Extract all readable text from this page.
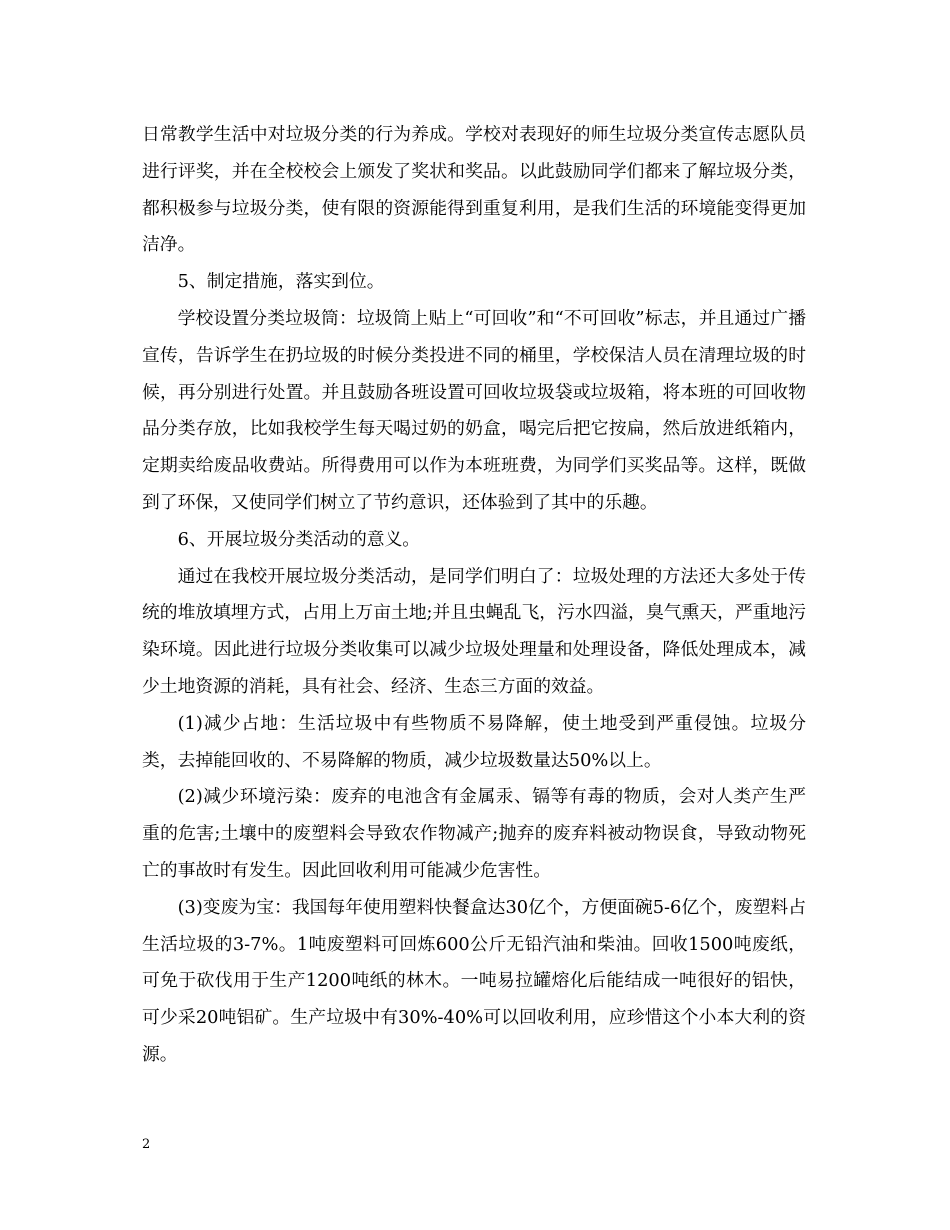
日常教学生活中对垃圾分类的行为养成。学校对表现好的师生垃圾分类宣传志愿队员进行评奖，并在全校校会上颁发了奖状和奖品。以此鼓励同学们都来了解垃圾分类，都积极参与垃圾分类，使有限的资源能得到重复利用，是我们生活的环境能变得更加洁净。

5、制定措施，落实到位。

学校设置分类垃圾筒：垃圾筒上贴上“可回收”和“不可回收”标志，并且通过广播宣传，告诉学生在扔垃圾的时候分类投进不同的桶里，学校保洁人员在清理垃圾的时候，再分别进行处置。并且鼓励各班设置可回收垃圾袋或垃圾箱，将本班的可回收物品分类存放，比如我校学生每天喝过奶的奶盒，喝完后把它按扁，然后放进纸箱内，定期卖给废品收费站。所得费用可以作为本班班费，为同学们买奖品等。这样，既做到了环保，又使同学们树立了节约意识，还体验到了其中的乐趣。

6、开展垃圾分类活动的意义。

通过在我校开展垃圾分类活动，是同学们明白了：垃圾处理的方法还大多处于传统的堆放填埋方式，占用上万亩土地;并且虫蝇乱飞，污水四溢，臭气熏天，严重地污染环境。因此进行垃圾分类收集可以减少垃圾处理量和处理设备，降低处理成本，减少土地资源的消耗，具有社会、经济、生态三方面的效益。

(1)减少占地：生活垃圾中有些物质不易降解，使土地受到严重侵蚀。垃圾分类，去掉能回收的、不易降解的物质，减少垃圾数量达50%以上。

(2)减少环境污染：废弃的电池含有金属汞、镉等有毒的物质，会对人类产生严重的危害;土壤中的废塑料会导致农作物减产;抛弃的废弃料被动物误食，导致动物死亡的事故时有发生。因此回收利用可能减少危害性。

(3)变废为宝：我国每年使用塑料快餐盒达30亿个，方便面碗5-6亿个，废塑料占生活垃圾的3-7%。1吨废塑料可回炼600公斤无铅汽油和柴油。回收1500吨废纸，可免于砍伐用于生产1200吨纸的林木。一吨易拉罐熔化后能结成一吨很好的铝快，可少采20吨铝矿。生产垃圾中有30%-40%可以回收利用，应珍惜这个小本大利的资源。

2
